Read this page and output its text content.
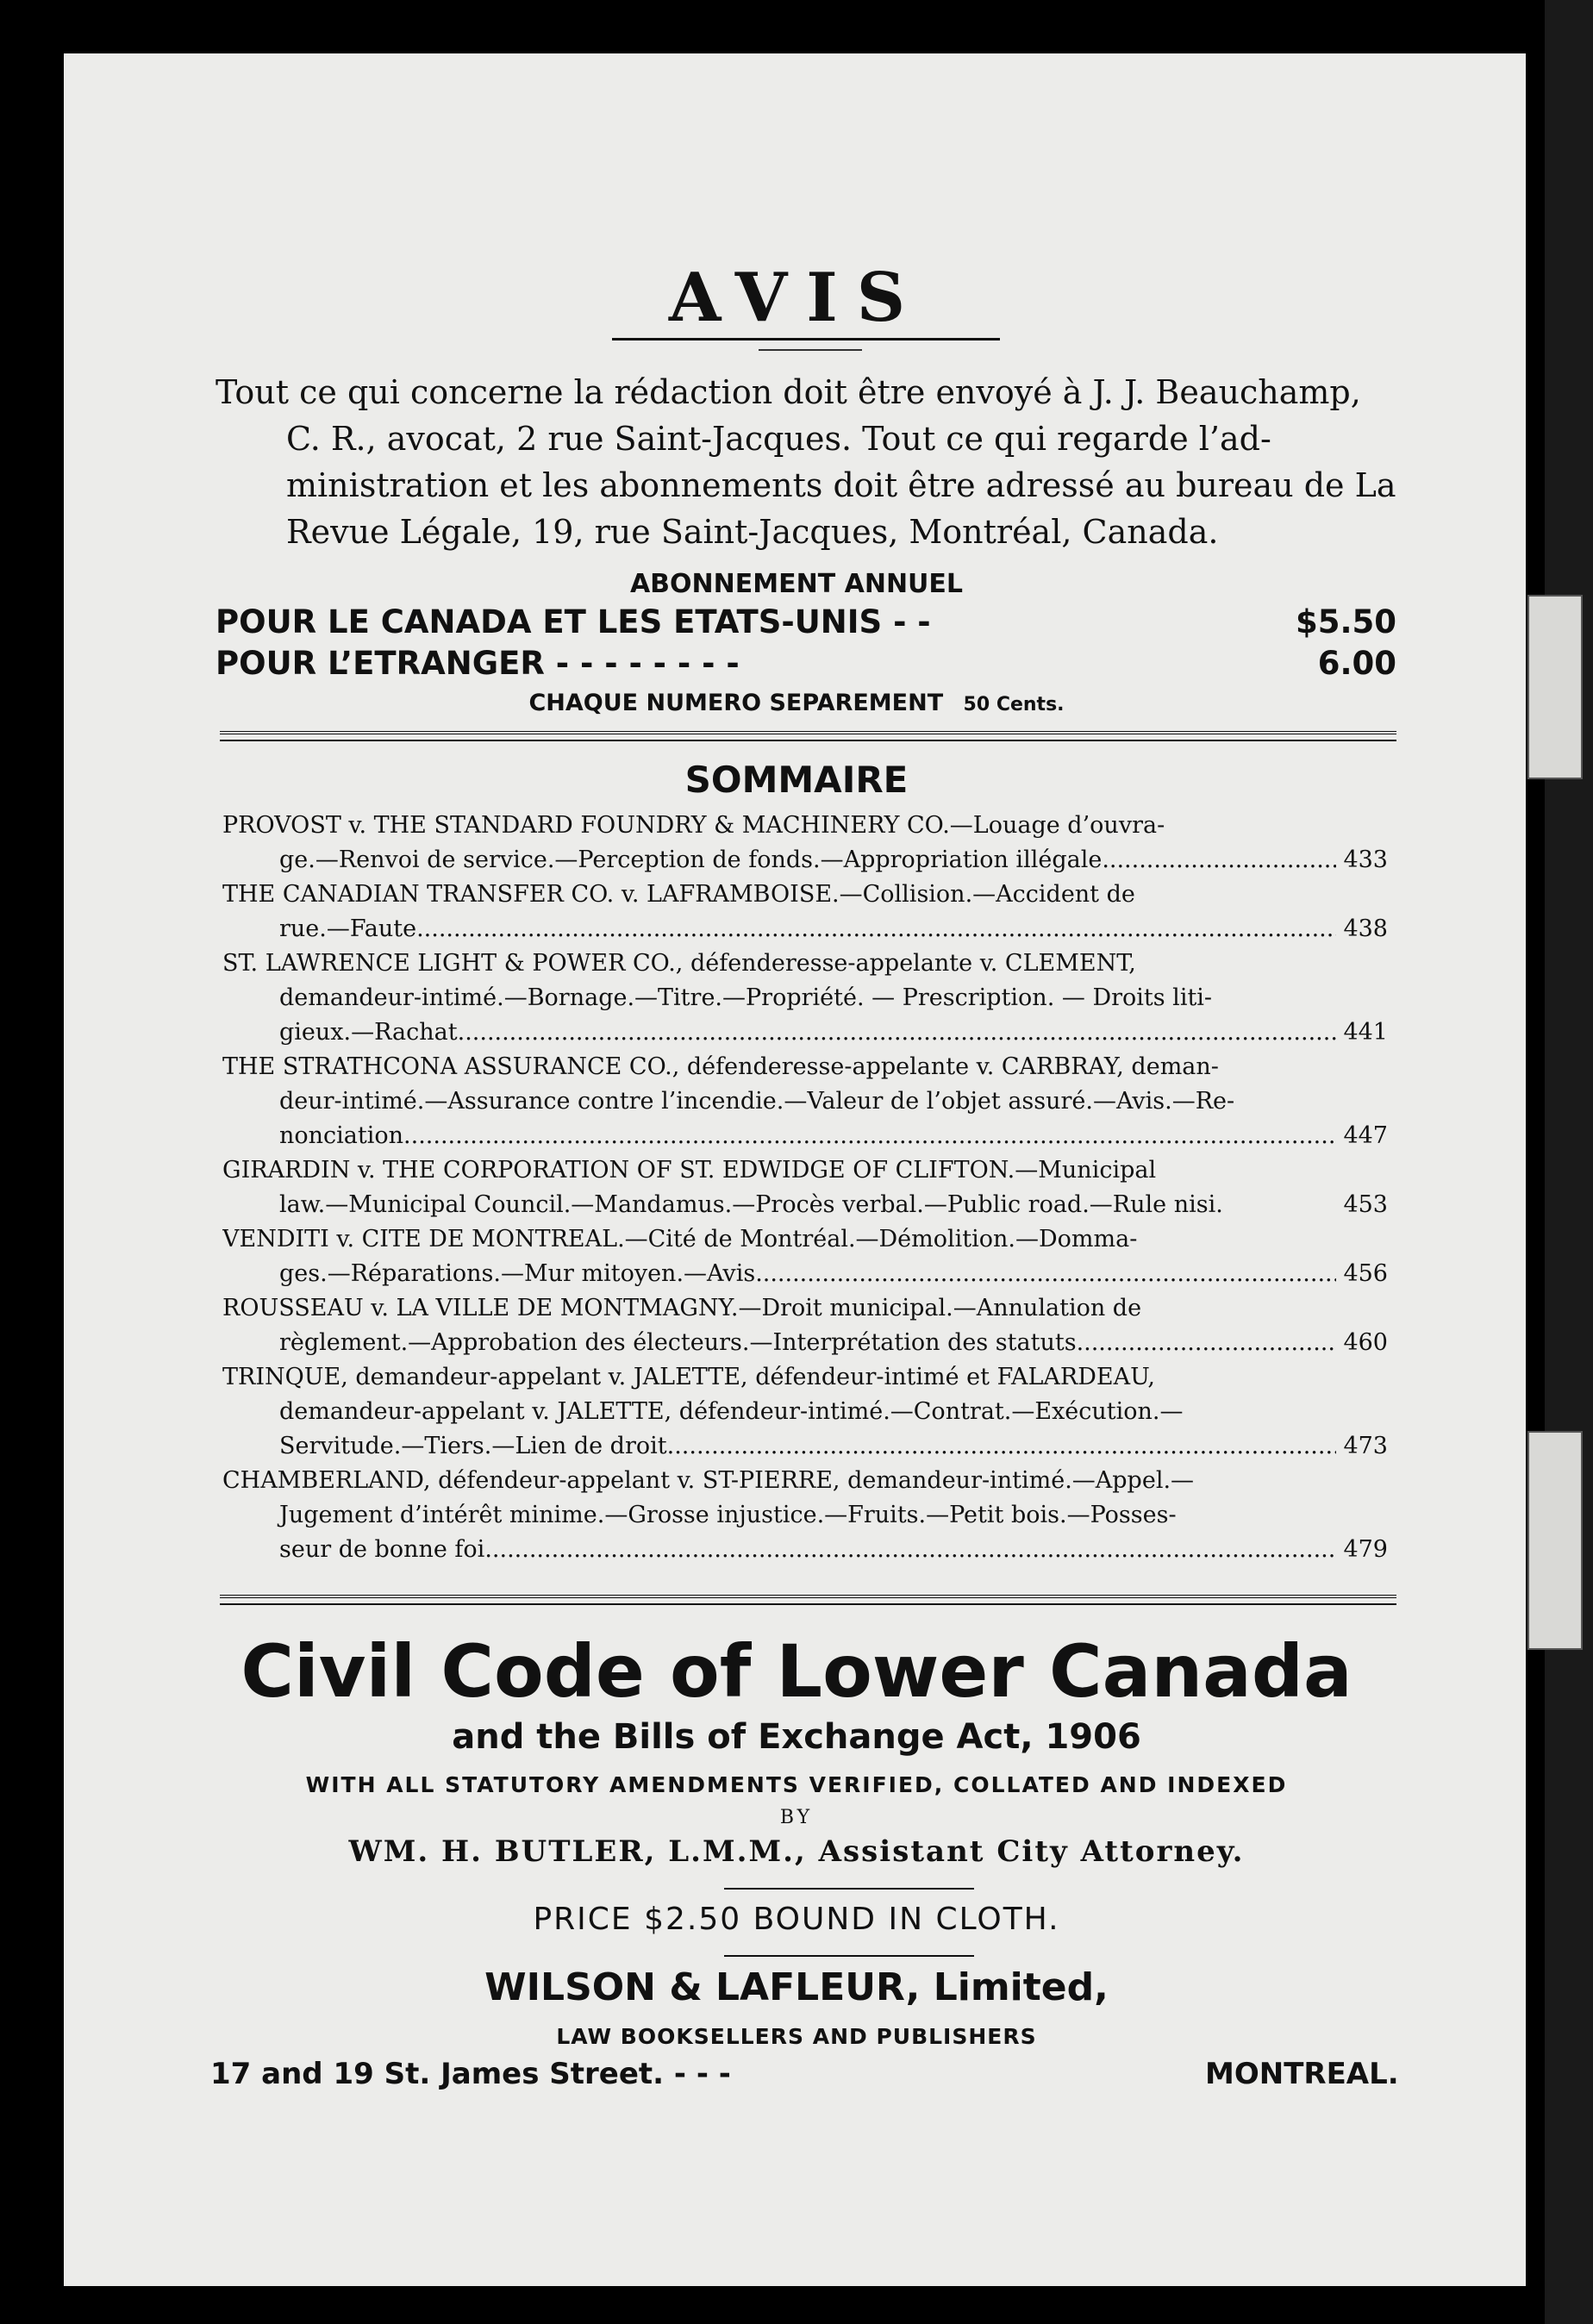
AVIS
Tout ce qui concerne la rédaction doit être envoyé à J. J. Beauchamp,
C. R., avocat, 2 rue Saint-Jacques. Tout ce qui regarde l’ad-
ministration et les abonnements doit être adressé au bureau de La
Revue Légale, 19, rue Saint-Jacques, Montréal, Canada.
ABONNEMENT ANNUEL
POUR LE CANADA ET LES ETATS-UNIS - -	$5.50
POUR L’ETRANGER - - - - - - - -	6.00
CHAQUE NUMERO SEPAREMENT 50 Cents.
SOMMAIRE
PROVOST v. THE STANDARD FOUNDRY & MACHINERY CO.—Louage d’ouvra-
ge.—Renvoi de service.—Perception de fonds.—Appropriation illégale .....	433
THE CANADIAN TRANSFER CO. v. LAFRAMBOISE.—Collision.—Accident de
rue.—Faute .....	438
ST. LAWRENCE LIGHT & POWER CO., défenderesse-appelante v. CLEMENT,
demandeur-intimé.—Bornage.—Titre.—Propriété. — Prescription. — Droits liti-
gieux.—Rachat .....	441
THE STRATHCONA ASSURANCE CO., défenderesse-appelante v. CARBRAY, deman-
deur-intimé.—Assurance contre l’incendie.—Valeur de l’objet assuré.—Avis.—Re-
nonciation .....	447
GIRARDIN v. THE CORPORATION OF ST. EDWIDGE OF CLIFTON.—Municipal
law.—Municipal Council.—Mandamus.—Procès verbal.—Public road.—Rule nisi.	453
VENDITI v. CITE DE MONTREAL.—Cité de Montréal.—Démolition.—Domma-
ges.—Réparations.—Mur mitoyen.—Avis .....	456
ROUSSEAU v. LA VILLE DE MONTMAGNY.—Droit municipal.—Annulation de
règlement.—Approbation des électeurs.—Interprétation des statuts .....	460
TRINQUE, demandeur-appelant v. JALETTE, défendeur-intimé et FALARDEAU,
demandeur-appelant v. JALETTE, défendeur-intimé.—Contrat.—Exécution.—
Servitude.—Tiers.—Lien de droit .....	473
CHAMBERLAND, défendeur-appelant v. ST-PIERRE, demandeur-intimé.—Appel.—
Jugement d’intérêt minime.—Grosse injustice.—Fruits.—Petit bois.—Posses-
seur de bonne foi .....	479
Civil Code of Lower Canada
and the Bills of Exchange Act, 1906
WITH ALL STATUTORY AMENDMENTS VERIFIED, COLLATED AND INDEXED
BY
WM. H. BUTLER, L.M.M., Assistant City Attorney.
PRICE $2.50 BOUND IN CLOTH.
WILSON & LAFLEUR, Limited,
LAW BOOKSELLERS AND PUBLISHERS
17 and 19 St. James Street. - - -	MONTREAL.
